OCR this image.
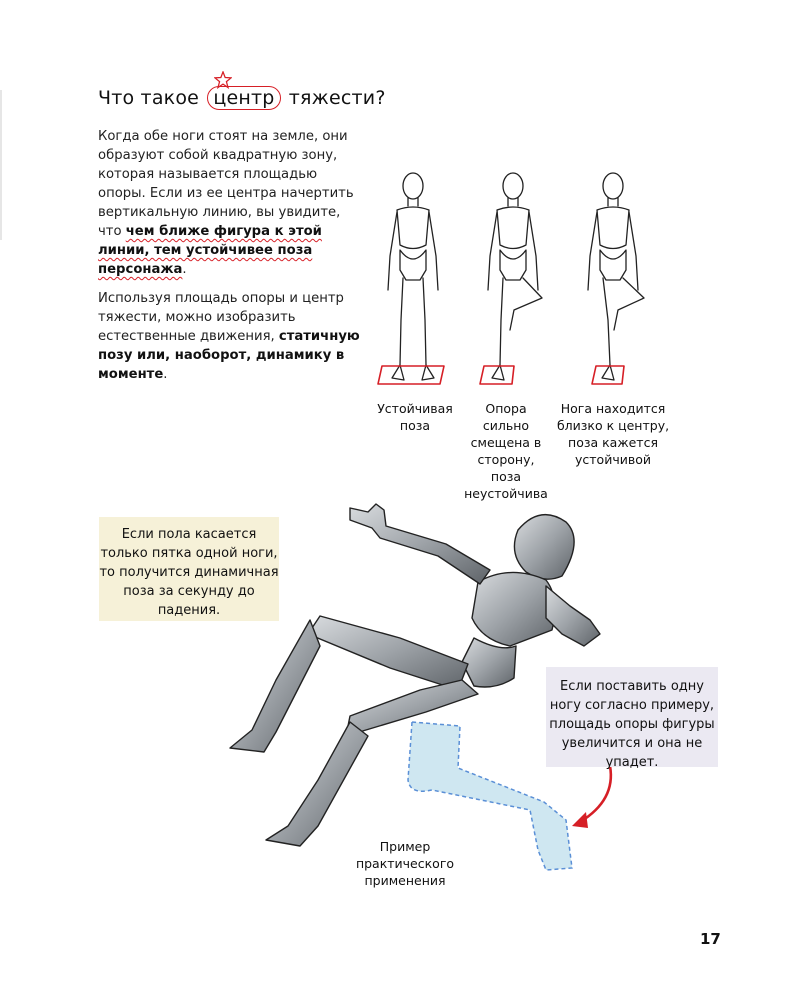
Что такое центр тяжести?

Когда обе ноги стоят на земле, они образуют собой квадратную зону, которая называется площадью опоры. Если из ее центра начертить вертикальную линию, вы увидите, что чем ближе фигура к этой линии, тем устойчивее поза персонажа.

Используя площадь опоры и центр тяжести, можно изобразить естественные движения, статичную позу или, наоборот, динамику в моменте.

Устойчивая поза
Опора сильно смещена в сторону, поза неустойчива
Нога находится близко к центру, поза кажется устойчивой
Если пола касается только пятка одной ноги, то получится динамичная поза за секунду до падения.
Если поставить одну ногу согласно примеру, площадь опоры фигуры увеличится и она не упадет.
Пример практического применения
17
